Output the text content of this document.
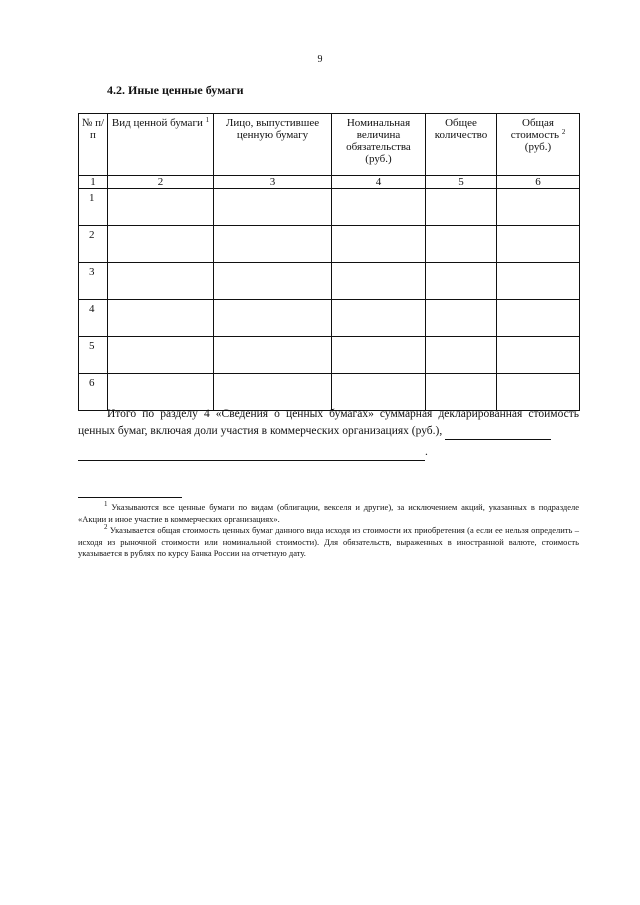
9
4.2. Иные ценные бумаги
№ п/п	Вид ценной бумаги $^1$	Лицо, выпустившее ценную бумагу	Номинальная величина обязательства (руб.)	Общее количество	Общая стоимость $^2$
(руб.)
1	2	3	4	5	6
1					
2					
3					
4					
5					
6					

Итого по разделу 4 «Сведения о ценных бумагах» суммарная декларированная стоимость ценных бумаг, включая доли участия в коммерческих организациях (руб.),

.

$^1$ Указываются все ценные бумаги по видам (облигации, векселя и другие), за исключением акций, указанных в подразделе «Акции и иное участие в коммерческих организациях».

$^2$ Указывается общая стоимость ценных бумаг данного вида исходя из стоимости их приобретения (а если ее нельзя определить – исходя из рыночной стоимости или номинальной стоимости). Для обязательств, выраженных в иностранной валюте, стоимость указывается в рублях по курсу Банка России на отчетную дату.
